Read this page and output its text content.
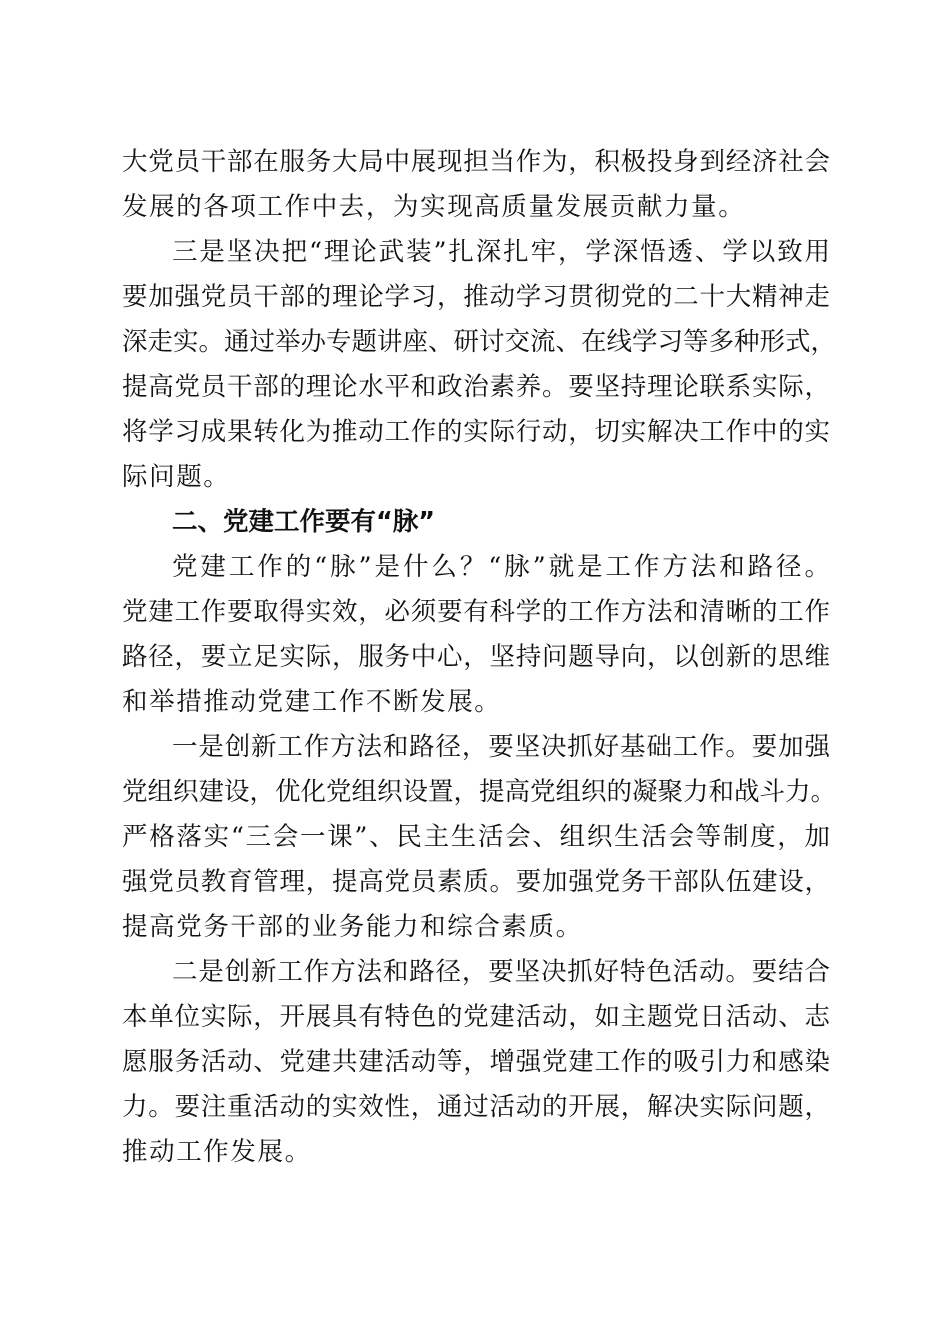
大党员干部在服务大局中展现担当作为，积极投身到经济社会
发展的各项工作中去，为实现高质量发展贡献力量。
三是坚决把“理论武装”扎深扎牢，学深悟透、学以致用
要加强党员干部的理论学习，推动学习贯彻党的二十大精神走
深走实。通过举办专题讲座、研讨交流、在线学习等多种形式，
提高党员干部的理论水平和政治素养。要坚持理论联系实际，
将学习成果转化为推动工作的实际行动，切实解决工作中的实
际问题。
二、党建工作要有“脉”
党建工作的“脉”是什么？“脉”就是工作方法和路径。
党建工作要取得实效，必须要有科学的工作方法和清晰的工作
路径，要立足实际，服务中心，坚持问题导向，以创新的思维
和举措推动党建工作不断发展。
一是创新工作方法和路径，要坚决抓好基础工作。要加强
党组织建设，优化党组织设置，提高党组织的凝聚力和战斗力。
严格落实“三会一课”、民主生活会、组织生活会等制度，加
强党员教育管理，提高党员素质。要加强党务干部队伍建设，
提高党务干部的业务能力和综合素质。
二是创新工作方法和路径，要坚决抓好特色活动。要结合
本单位实际，开展具有特色的党建活动，如主题党日活动、志
愿服务活动、党建共建活动等，增强党建工作的吸引力和感染
力。要注重活动的实效性，通过活动的开展，解决实际问题，
推动工作发展。
